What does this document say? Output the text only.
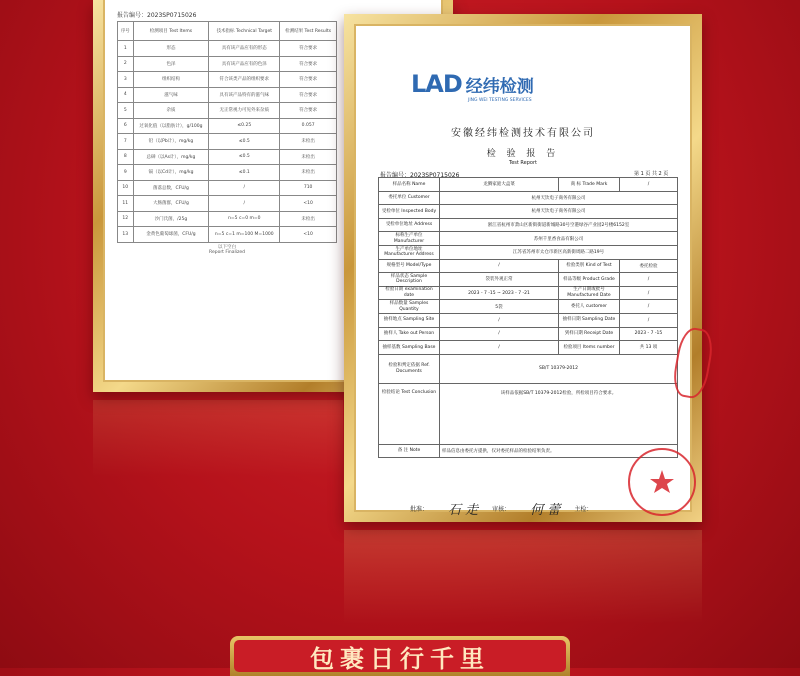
报告编号：2023SP0715026
序号	检测项目 Test Items	技术指标 Technical Target	检测结果 Test Results
1	形态	具有该产品应有的形态	符合要求
2	色泽	具有该产品应有的色泽	符合要求
3	组织结构	符合该类产品的组织要求	符合要求
4	滋气味	具有该产品特有的滋气味	符合要求
5	杂质	无正常视力可见外来杂质	符合要求
6	过氧化值（以脂肪计），g/100g	≤0.25	0.057
7	铅（以Pb计），mg/kg	≤0.5	未检出
8	总砷（以As计），mg/kg	≤0.5	未检出
9	镉（以Cd计），mg/kg	≤0.1	未检出
10	菌落总数，CFU/g	/	710
11	大肠菌群，CFU/g	/	<10
12	沙门氏菌，/25g	n=5 c=0 m=0	未检出
13	金黄色葡萄球菌，CFU/g	n=5 c=1 m=100 M=1000	<10
以下空白
Report Finalized
LAD 经纬检测
JING WEI TESTING SERVICES
安徽经纬检测技术有限公司
检 验 报 告
Test Report
报告编号：2023SP0715026	第 1 页 共 2 页
样品名称 Name	龙腾家庭大盒菜	商 标 Trade Mark	/
委托单位 Customer	杭州天饮电子商务有限公司		
受检单位 Inspected Body	杭州天饮电子商务有限公司		
受检单位地址 Address	浙江省杭州市萧山区新街街道新城路30号空港绿谷产业园2号楼6152室		
标称生产单位 Manufacturer	苏州千里香食品有限公司		
生产单位地址 Manufacturer Address	江苏省苏州市太仓市新区高新街周路二路19号		
规格型号 Model/Type	/	检验类别 Kind of Test	委托检验
样品状态 Sample Description	袋装外观正常	样品等级 Product Grade	/
检验日期 examination date	2023 - 7 -15 ~ 2023 - 7 -21	生产日期或批号 Manufactured Date	/
样品数量 Samples Quantity	5袋	委托人 customer	/
抽样地点 Sampling Site	/	抽样日期 Sampling Date	/
抽样人 Take out Person	/	到样日期 Receipt Date	2023 - 7 -15
抽样基数 Sampling Base	/	检验项目 Items number	共 13 项
检验和判定依据 Ref. Documents	SB/T 10379-2012		
检验结论 Test Conclusion	该样品依据SB/T 10379-2012检验，所检项目符合要求。		
备 注 Note	样品信息由委托方提供，仅对委托样品的检验结果负责。		
批准： 石 走 审核： 何 蕾 主检：
包裹日行千里
